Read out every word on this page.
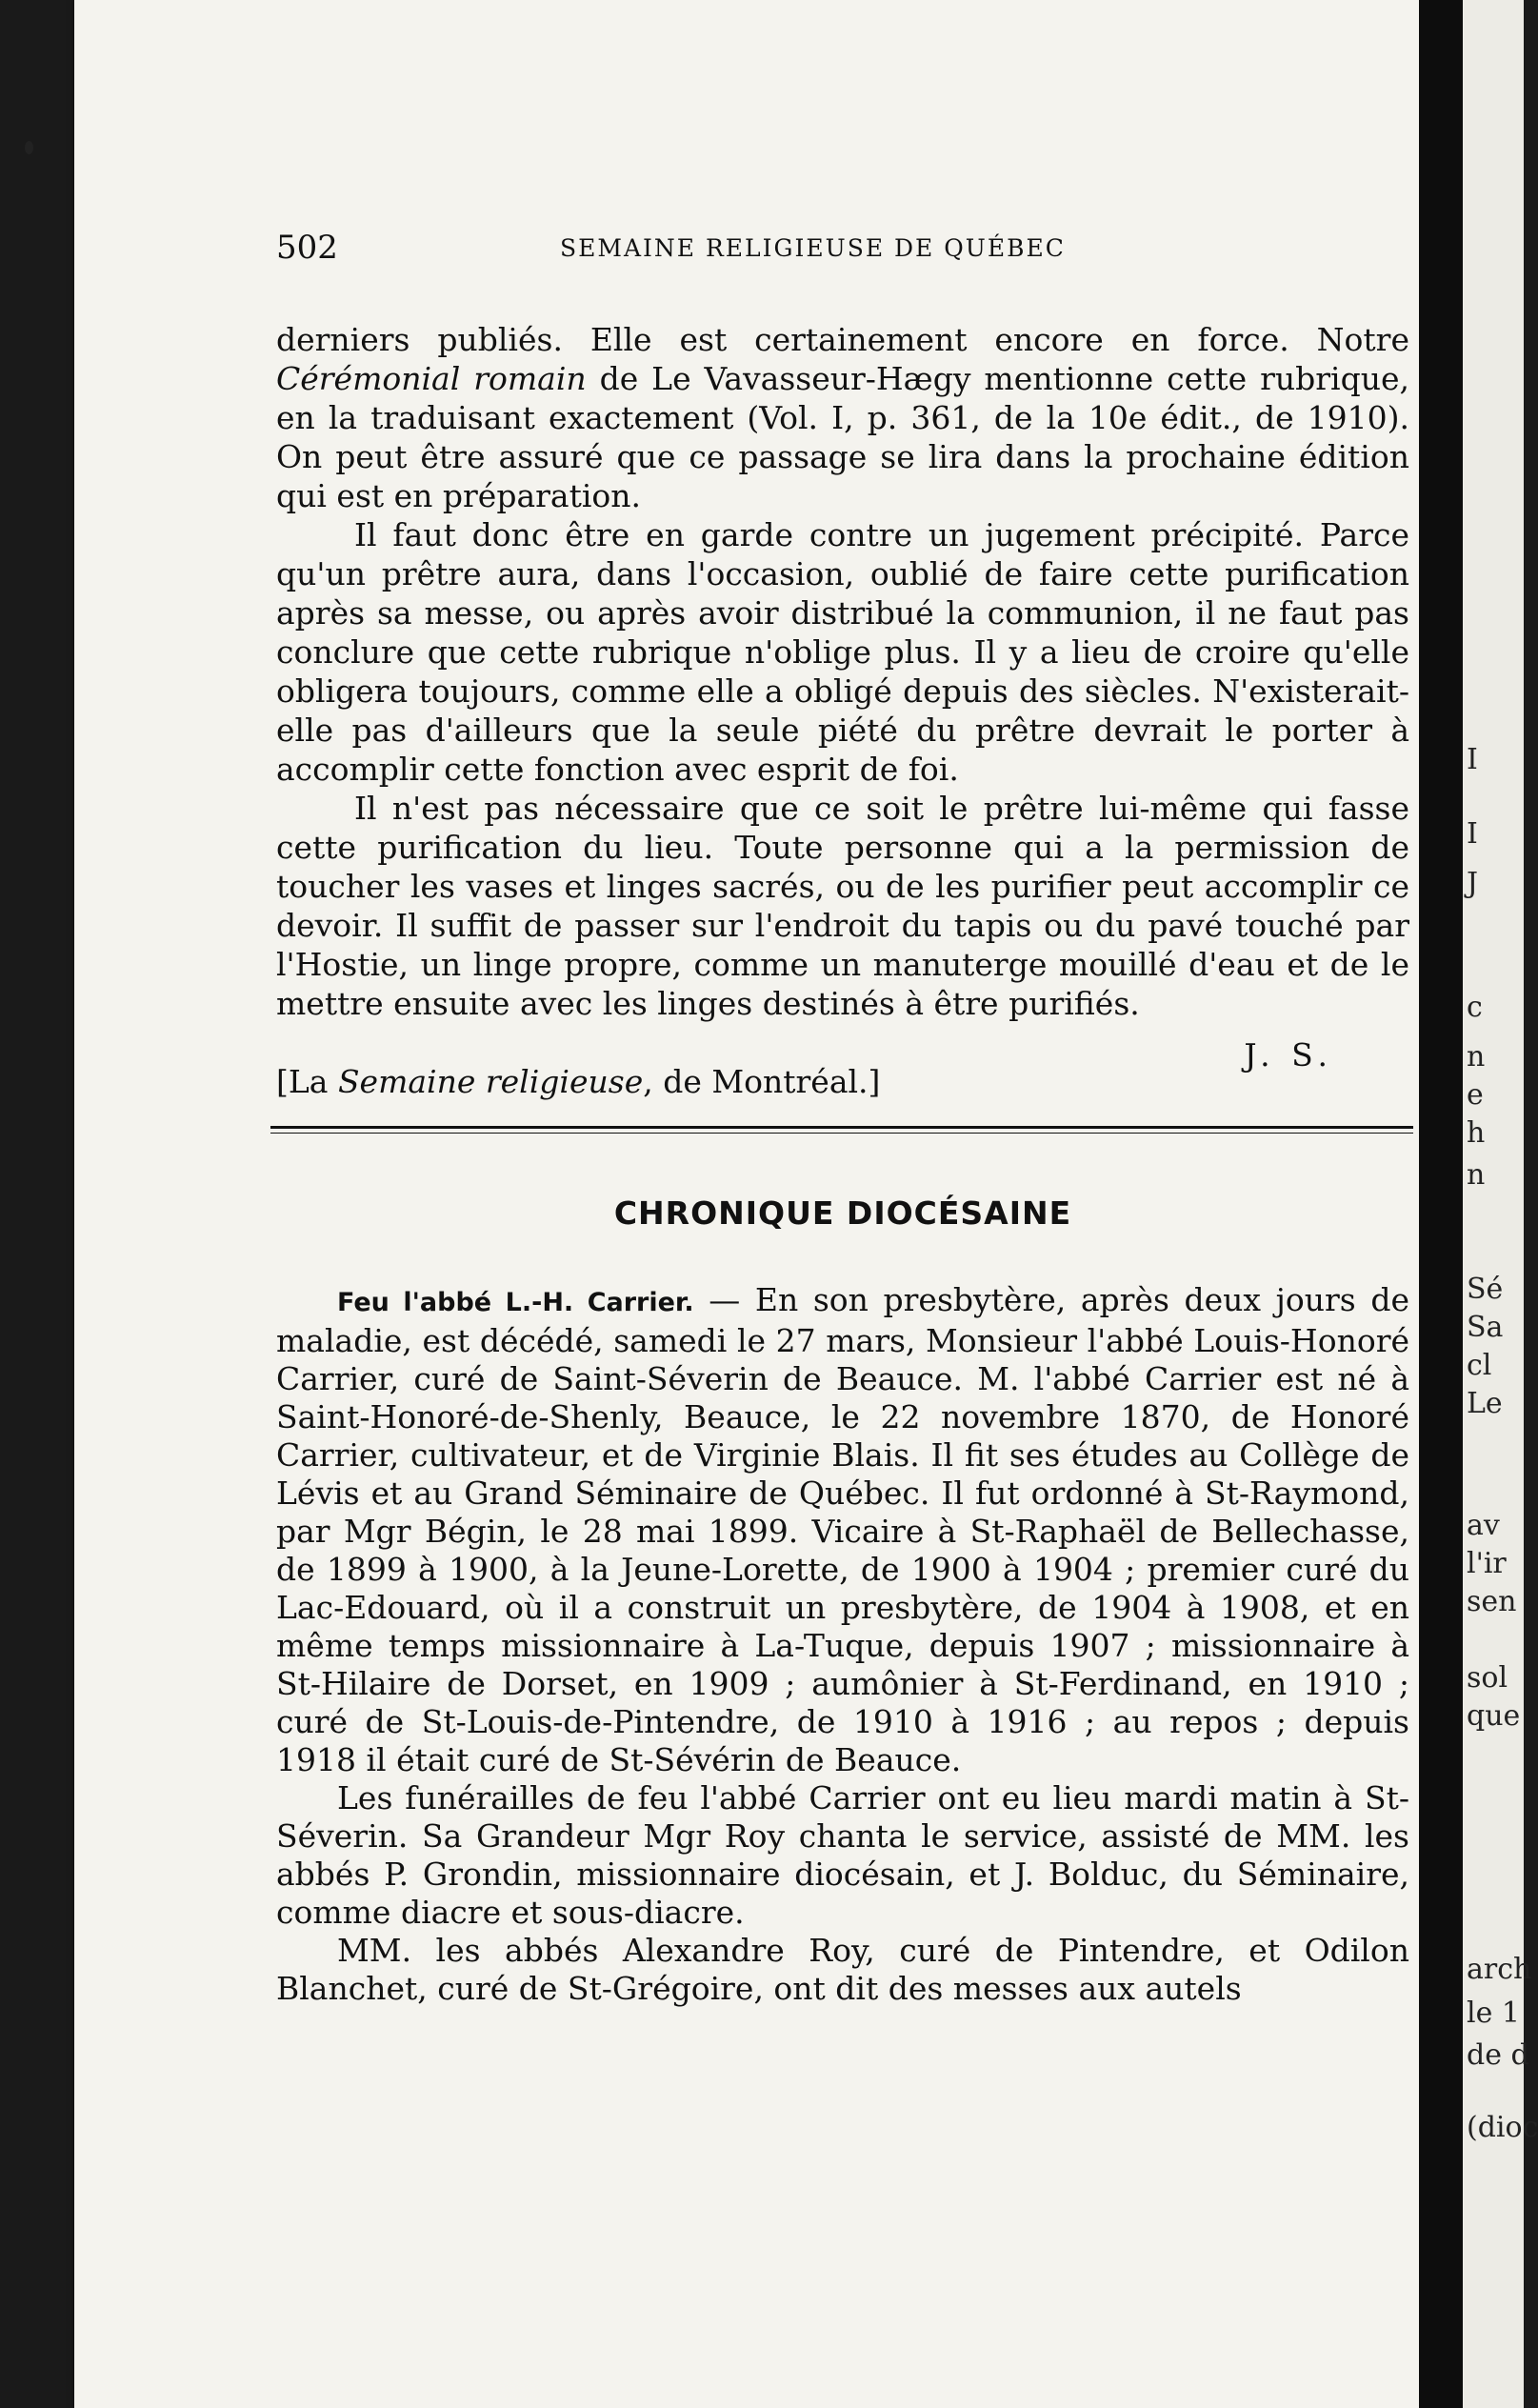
502	SEMAINE RELIGIEUSE DE QUÉBEC

derniers publiés. Elle est certainement encore en force. Notre Cérémonial romain de Le Vavasseur-Hægy mentionne cette rubrique, en la traduisant exactement (Vol. I, p. 361, de la 10e édit., de 1910). On peut être assuré que ce passage se lira dans la prochaine édition qui est en préparation.

Il faut donc être en garde contre un jugement précipité. Parce qu'un prêtre aura, dans l'occasion, oublié de faire cette purification après sa messe, ou après avoir distribué la communion, il ne faut pas conclure que cette rubrique n'oblige plus. Il y a lieu de croire qu'elle obligera toujours, comme elle a obligé depuis des siècles. N'existerait-elle pas d'ailleurs que la seule piété du prêtre devrait le porter à accomplir cette fonction avec esprit de foi.

Il n'est pas nécessaire que ce soit le prêtre lui-même qui fasse cette purification du lieu. Toute personne qui a la permission de toucher les vases et linges sacrés, ou de les purifier peut accomplir ce devoir. Il suffit de passer sur l'endroit du tapis ou du pavé touché par l'Hostie, un linge propre, comme un manuterge mouillé d'eau et de le mettre ensuite avec les linges destinés à être purifiés.

[La Semaine religieuse, de Montréal.]
J. S.
CHRONIQUE DIOCÉSAINE

Feu l'abbé L.-H. Carrier. — En son presbytère, après deux jours de maladie, est décédé, samedi le 27 mars, Monsieur l'abbé Louis-Honoré Carrier, curé de Saint-Séverin de Beauce. M. l'abbé Carrier est né à Saint-Honoré-de-Shenly, Beauce, le 22 novembre 1870, de Honoré Carrier, cultivateur, et de Virginie Blais. Il fit ses études au Collège de Lévis et au Grand Séminaire de Québec. Il fut ordonné à St-Raymond, par Mgr Bégin, le 28 mai 1899. Vicaire à St-Raphaël de Bellechasse, de 1899 à 1900, à la Jeune-Lorette, de 1900 à 1904 ; premier curé du Lac-Edouard, où il a construit un presbytère, de 1904 à 1908, et en même temps missionnaire à La-Tuque, depuis 1907 ; missionnaire à St-Hilaire de Dorset, en 1909 ; aumônier à St-Ferdinand, en 1910 ; curé de St-Louis-de-Pintendre, de 1910 à 1916 ; au repos ; depuis 1918 il était curé de St-Sévérin de Beauce.

Les funérailles de feu l'abbé Carrier ont eu lieu mardi matin à St-Séverin. Sa Grandeur Mgr Roy chanta le service, assisté de MM. les abbés P. Grondin, missionnaire diocésain, et J. Bolduc, du Séminaire, comme diacre et sous-diacre.

MM. les abbés Alexandre Roy, curé de Pintendre, et Odilon Blanchet, curé de St-Grégoire, ont dit des messes aux autels

I
I
J
c
n
e
h
n
Sé
Sa
cl
Le
av
l'ir
sen
sol
que
arch
le 1
de d
(dioc
